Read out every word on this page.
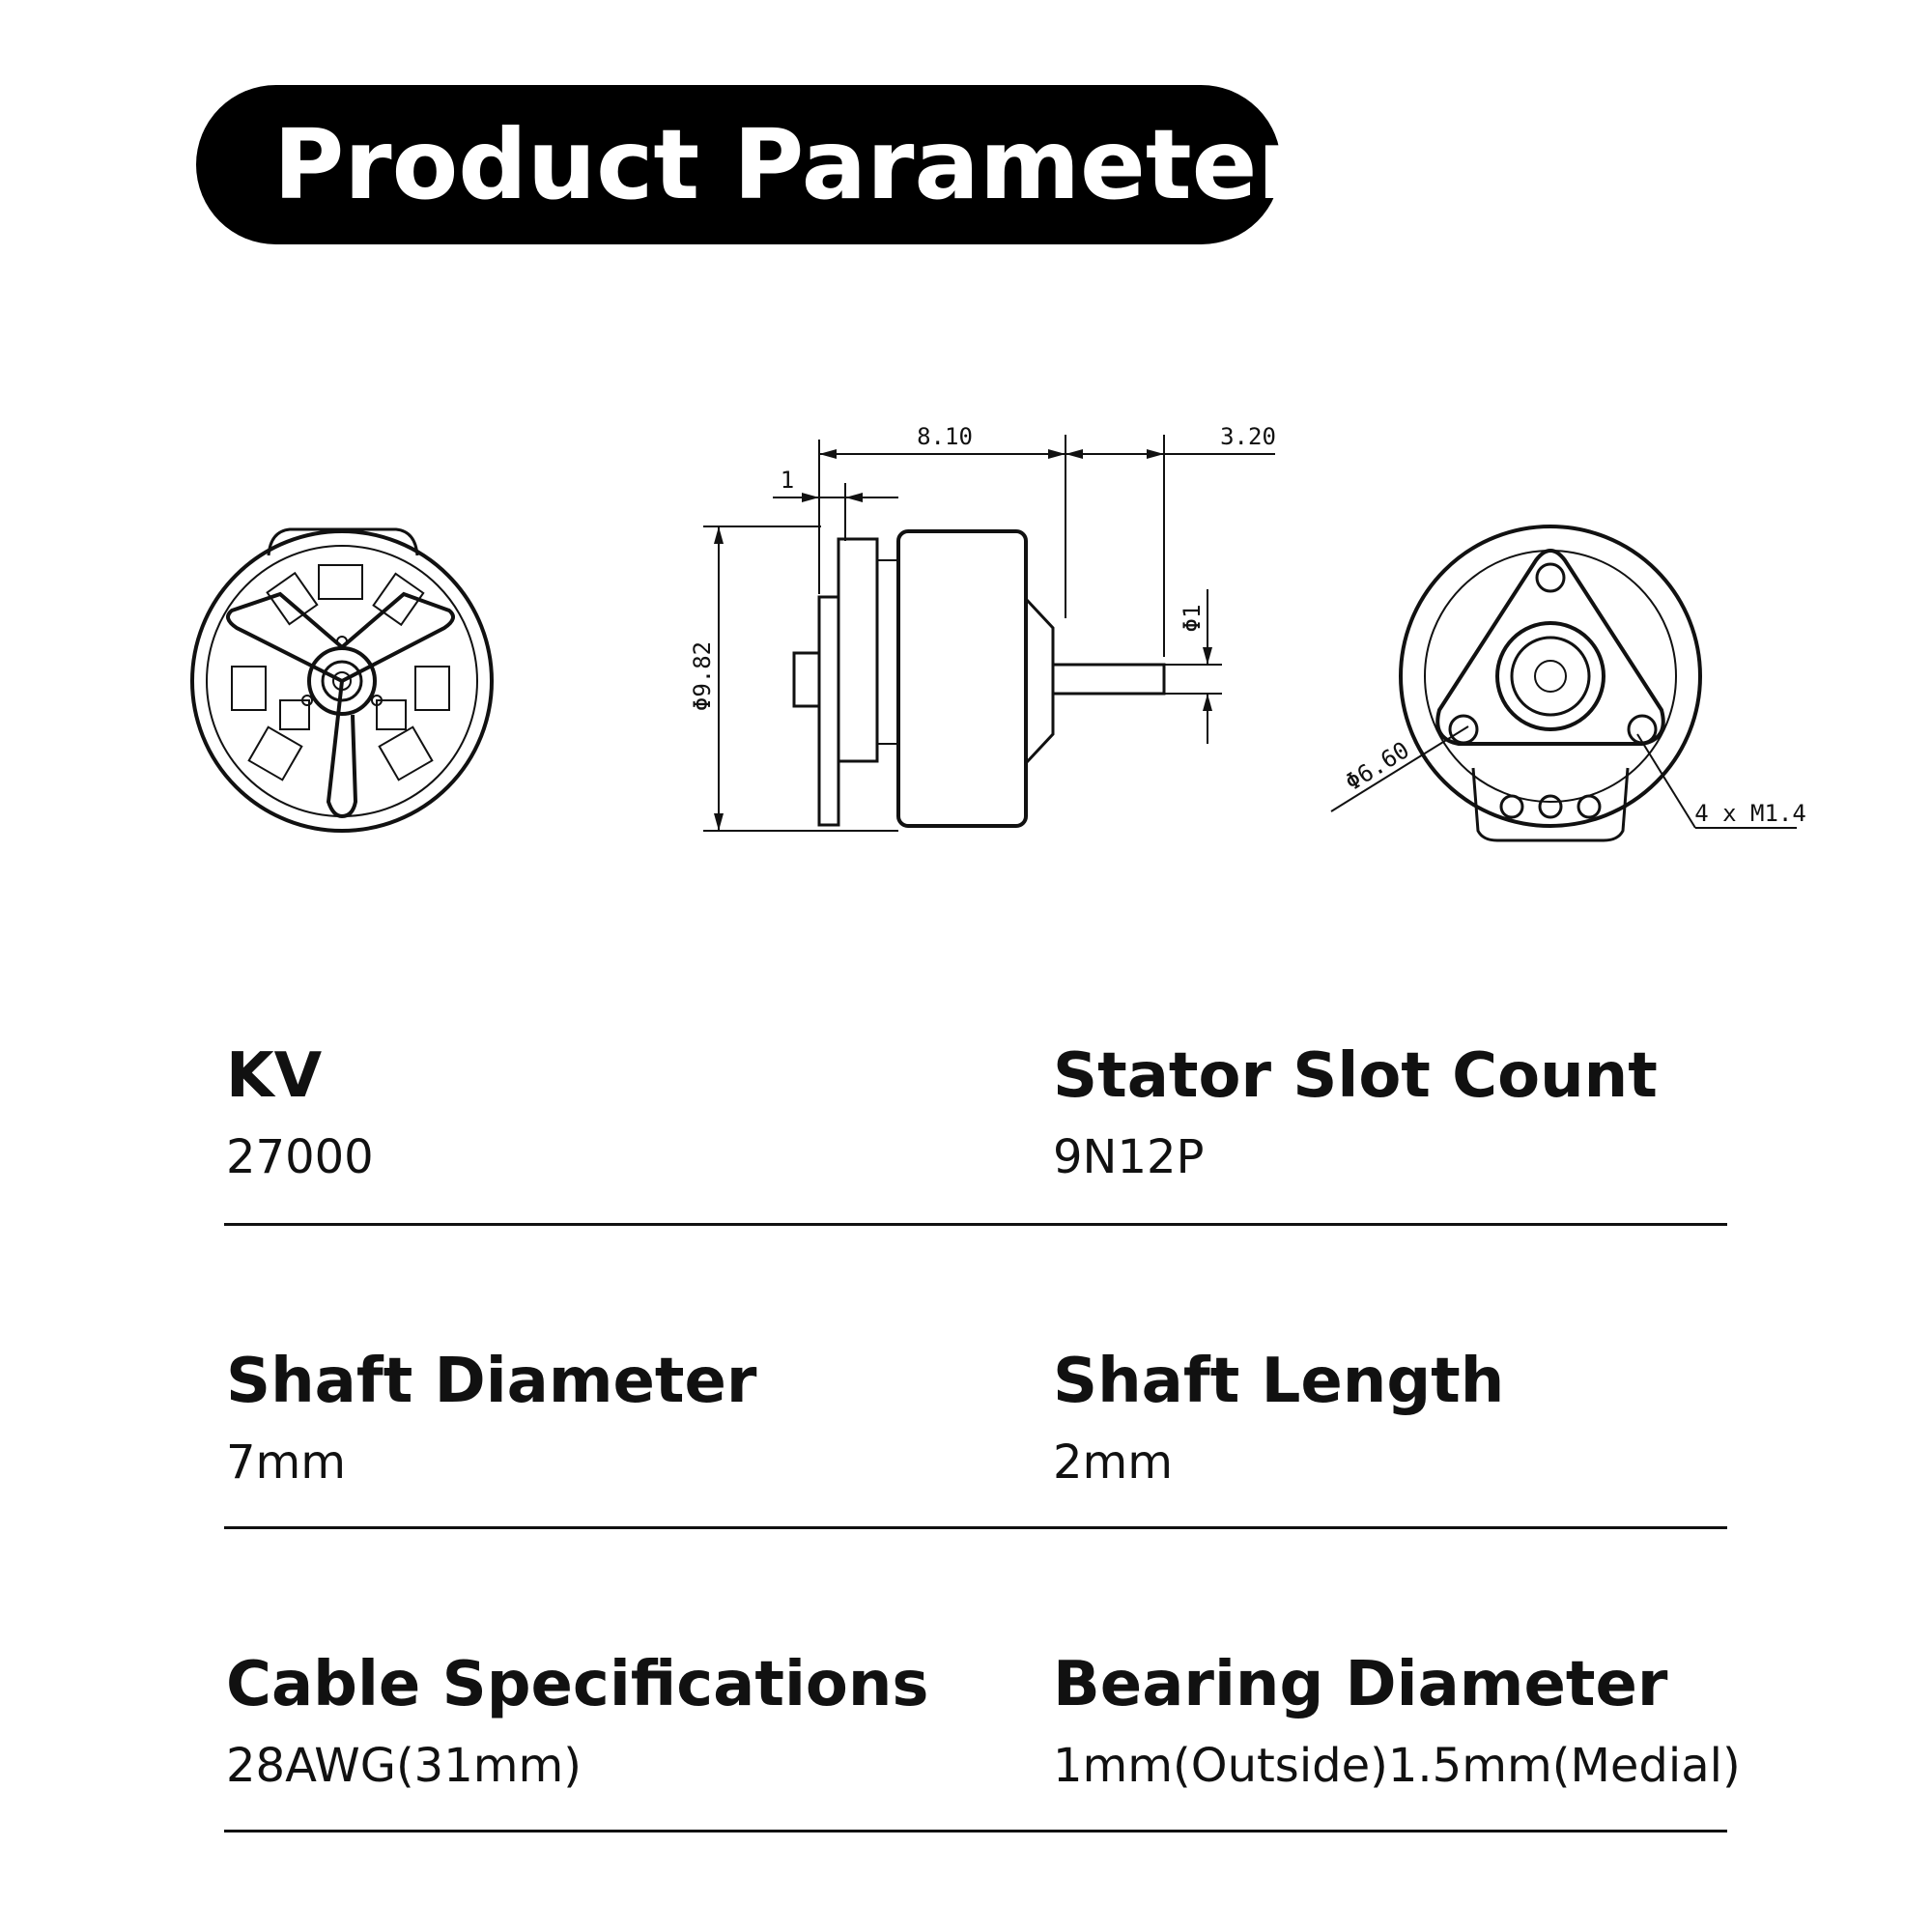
Product Parameter
8.10	3.20
1
Φ9.82
Φ1
Φ6.60
4 x M1.4
KV
27000
Stator Slot Count
9N12P
Shaft Diameter
7mm
Shaft Length
2mm
Cable Specifications
28AWG(31mm)
Bearing Diameter
1mm(Outside)1.5mm(Medial)
